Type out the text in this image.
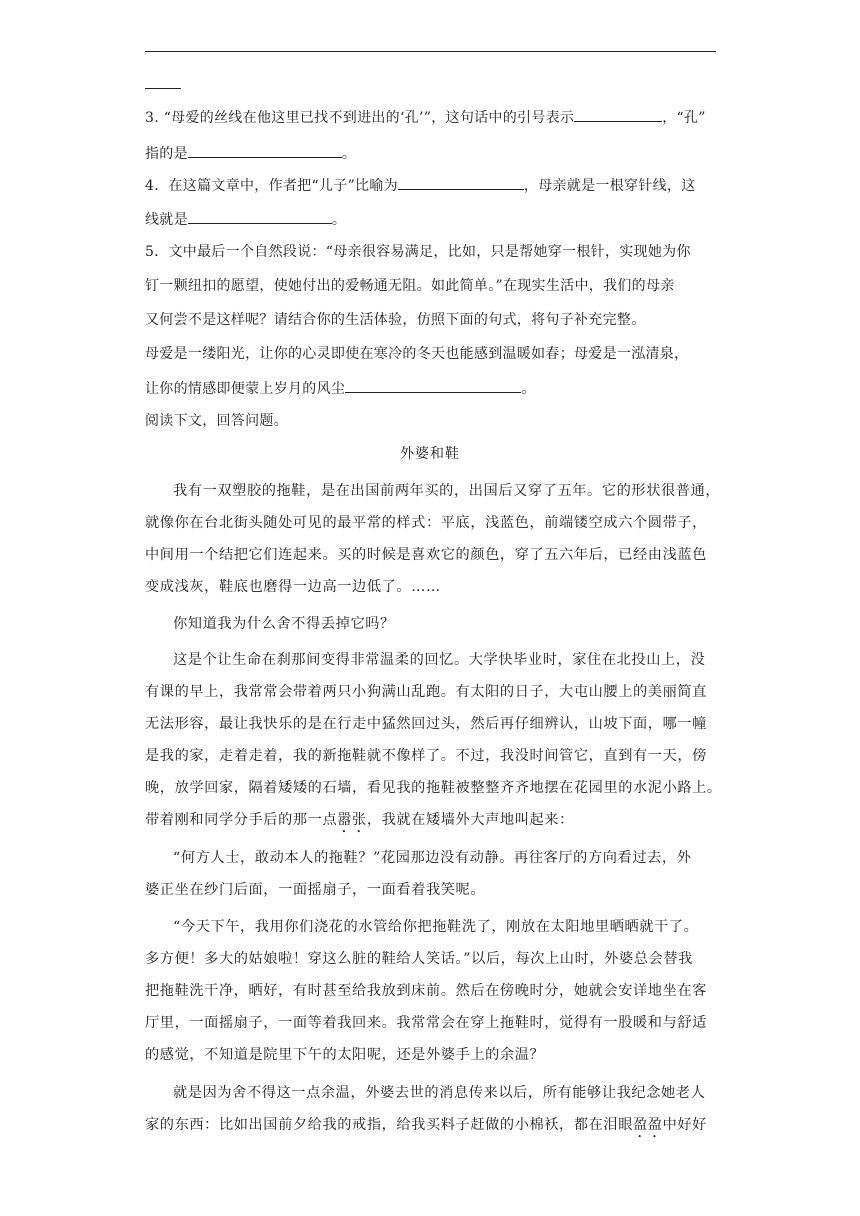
3. “母爱的丝线在他这里已找不到进出的‘孔’”，这句话中的引号表示	，“孔”
指的是	。
4．在这篇文章中，作者把“儿子”比喻为	，母亲就是一根穿针线，这
线就是	。
5．文中最后一个自然段说：“母亲很容易满足，比如，只是帮她穿一根针，实现她为你
钉一颗纽扣的愿望，使她付出的爱畅通无阻。如此简单。”在现实生活中，我们的母亲
又何尝不是这样呢？请结合你的生活体验，仿照下面的句式，将句子补充完整。
母爱是一缕阳光，让你的心灵即使在寒冷的冬天也能感到温暖如春；母爱是一泓清泉，
让你的情感即便蒙上岁月的风尘	。
阅读下文，回答问题。
外婆和鞋
我有一双塑胶的拖鞋，是在出国前两年买的，出国后又穿了五年。它的形状很普通，
就像你在台北街头随处可见的最平常的样式：平底，浅蓝色，前端镂空成六个圆带子，
中间用一个结把它们连起来。买的时候是喜欢它的颜色，穿了五六年后，已经由浅蓝色
变成浅灰，鞋底也磨得一边高一边低了。……
你知道我为什么舍不得丢掉它吗？
这是个让生命在刹那间变得非常温柔的回忆。大学快毕业时，家住在北投山上，没
有课的早上，我常常会带着两只小狗满山乱跑。有太阳的日子，大屯山腰上的美丽简直
无法形容，最让我快乐的是在行走中猛然回过头，然后再仔细辨认，山坡下面，哪一幢
是我的家，走着走着，我的新拖鞋就不像样了。不过，我没时间管它，直到有一天，傍
晚，放学回家，隔着矮矮的石墙，看见我的拖鞋被整整齐齐地摆在花园里的水泥小路上。
带着刚和同学分手后的那一点嚣张，我就在矮墙外大声地叫起来：
“何方人士，敢动本人的拖鞋？”花园那边没有动静。再往客厅的方向看过去，外
婆正坐在纱门后面，一面摇扇子，一面看着我笑呢。
“今天下午，我用你们浇花的水管给你把拖鞋洗了，刚放在太阳地里晒晒就干了。
多方便！多大的姑娘啦！穿这么脏的鞋给人笑话。”以后，每次上山时，外婆总会替我
把拖鞋洗干净，晒好，有时甚至给我放到床前。然后在傍晚时分，她就会安详地坐在客
厅里，一面摇扇子，一面等着我回来。我常常会在穿上拖鞋时，觉得有一股暖和与舒适
的感觉，不知道是院里下午的太阳呢，还是外婆手上的余温？
就是因为舍不得这一点余温，外婆去世的消息传来以后，所有能够让我纪念她老人
家的东西：比如出国前夕给我的戒指，给我买料子赶做的小棉袄，都在泪眼盈盈中好好
